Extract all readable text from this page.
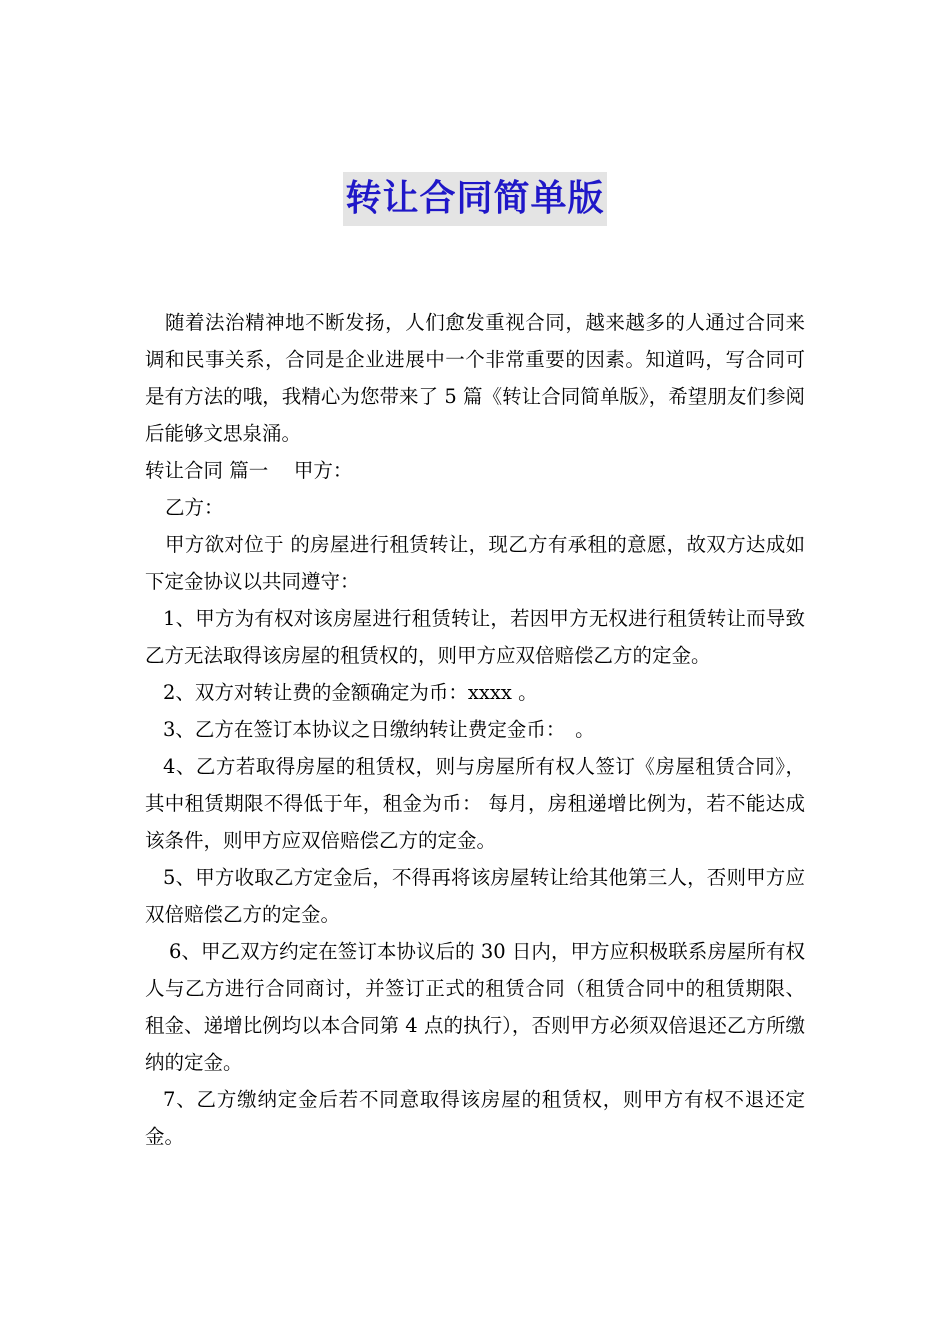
转让合同简单版

随着法治精神地不断发扬，人们愈发重视合同，越来越多的人通过合同来调和民事关系，合同是企业进展中一个非常重要的因素。知道吗，写合同可是有方法的哦，我精心为您带来了 5 篇《转让合同简单版》，希望朋友们参阅后能够文思泉涌。

转让合同 篇一　 甲方：

乙方：

甲方欲对位于 的房屋进行租赁转让，现乙方有承租的意愿，故双方达成如下定金协议以共同遵守：

1、甲方为有权对该房屋进行租赁转让，若因甲方无权进行租赁转让而导致乙方无法取得该房屋的租赁权的，则甲方应双倍赔偿乙方的定金。

2、双方对转让费的金额确定为币：xxxx 。

3、乙方在签订本协议之日缴纳转让费定金币：　。

4、乙方若取得房屋的租赁权，则与房屋所有权人签订《房屋租赁合同》，其中租赁期限不得低于年，租金为币： 每月，房租递增比例为，若不能达成该条件，则甲方应双倍赔偿乙方的定金。

5、甲方收取乙方定金后，不得再将该房屋转让给其他第三人，否则甲方应双倍赔偿乙方的定金。

6、甲乙双方约定在签订本协议后的 30 日内，甲方应积极联系房屋所有权人与乙方进行合同商讨，并签订正式的租赁合同（租赁合同中的租赁期限、租金、递增比例均以本合同第 4 点的执行），否则甲方必须双倍退还乙方所缴纳的定金。

7、乙方缴纳定金后若不同意取得该房屋的租赁权，则甲方有权不退还定金。
